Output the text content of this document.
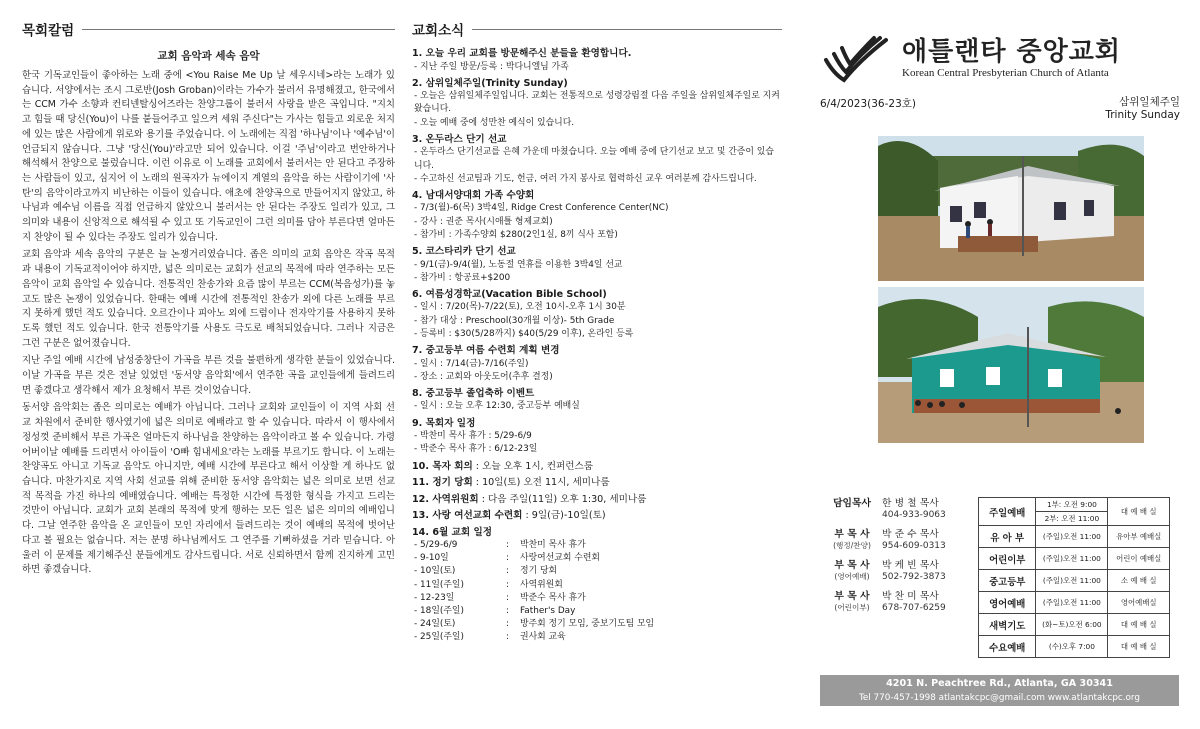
목회칼럼
교회 음악과 세속 음악

한국 기독교인들이 좋아하는 노래 중에 <You Raise Me Up 날 세우시네>라는 노래가 있습니다. 서양에서는 조시 그로반(Josh Groban)이라는 가수가 불러서 유명해졌고, 한국에서는 CCM 가수 소향과 컨티넨탈싱어즈라는 찬양그룹이 불러서 사랑을 받은 곡입니다. "지치고 힘들 때 당신(You)이 나를 붙들어주고 일으켜 세워 주신다"는 가사는 힘들고 외로운 처지에 있는 많은 사람에게 위로와 용기를 주었습니다. 이 노래에는 직접 '하나님'이나 '예수님'이 언급되지 않습니다. 그냥 '당신(You)'라고만 되어 있습니다. 이걸 '주님'이라고 번안하거나 해석해서 찬양으로 불렀습니다. 이런 이유로 이 노래를 교회에서 불러서는 안 된다고 주장하는 사람들이 있고, 심지어 이 노래의 원곡자가 뉴에이지 계열의 음악을 하는 사람이기에 '사탄'의 음악이라고까지 비난하는 이들이 있습니다. 애초에 찬양곡으로 만들어지지 않았고, 하나님과 예수님 이름을 직접 언급하지 않았으니 불러서는 안 된다는 주장도 일리가 있고, 그 의미와 내용이 신앙적으로 해석될 수 있고 또 기독교인이 그런 의미를 담아 부른다면 얼마든지 찬양이 될 수 있다는 주장도 일리가 있습니다.

교회 음악과 세속 음악의 구분은 늘 논쟁거리였습니다. 좁은 의미의 교회 음악은 작곡 목적과 내용이 기독교적이어야 하지만, 넓은 의미로는 교회가 선교의 목적에 따라 연주하는 모든 음악이 교회 음악일 수 있습니다. 전통적인 찬송가와 요즘 많이 부르는 CCM(복음성가)를 놓고도 많은 논쟁이 있었습니다. 한때는 예배 시간에 전통적인 찬송가 외에 다른 노래를 부르지 못하게 했던 적도 있습니다. 오르간이나 피아노 외에 드럼이나 전자악기를 사용하지 못하도록 했던 적도 있습니다. 한국 전통악기를 사용도 극도로 배척되었습니다. 그러나 지금은 그런 구분은 없어졌습니다.

지난 주일 예배 시간에 남성중창단이 가곡을 부른 것을 불편하게 생각한 분들이 있었습니다. 이날 가곡을 부른 것은 전날 있었던 '동서양 음악회'에서 연주한 곡을 교인들에게 들려드리면 좋겠다고 생각해서 제가 요청해서 부른 것이었습니다.

동서양 음악회는 좁은 의미로는 예배가 아닙니다. 그러나 교회와 교인들이 이 지역 사회 선교 차원에서 준비한 행사였기에 넓은 의미로 예배라고 할 수 있습니다. 따라서 이 행사에서 정성껏 준비해서 부른 가곡은 얼마든지 하나님을 찬양하는 음악이라고 볼 수 있습니다. 가령 어버이날 예배를 드리면서 아이들이 'O빠 힘내세요'라는 노래를 부르기도 합니다. 이 노래는 찬양곡도 아니고 기독교 음악도 아니지만, 예배 시간에 부른다고 해서 이상할 게 하나도 없습니다. 마찬가지로 지역 사회 선교를 위해 준비한 동서양 음악회는 넓은 의미로 보면 선교적 목적을 가진 하나의 예배였습니다. 예배는 특정한 시간에 특정한 형식을 가지고 드리는 것만이 아닙니다. 교회가 교회 본래의 목적에 맞게 행하는 모든 일은 넓은 의미의 예배입니다. 그날 연주한 음악을 온 교인들이 모인 자리에서 들려드리는 것이 예배의 목적에 벗어난다고 볼 필요는 없습니다. 저는 분명 하나님께서도 그 연주를 기뻐하셨을 거라 믿습니다. 아울러 이 문제를 제기해주신 분들에게도 감사드립니다. 서로 신뢰하면서 함께 진지하게 고민하면 좋겠습니다.

교회소식
1. 오늘 우리 교회를 방문해주신 분들을 환영합니다.
- 지난 주일 방문/등록 : 박다니엘님 가족
2. 삼위일체주일(Trinity Sunday)
- 오늘은 삼위일체주일입니다. 교회는 전통적으로 성령강림절 다음 주일을 삼위일체주일로 지켜왔습니다.
- 오늘 예배 중에 성만찬 예식이 있습니다.
3. 온두라스 단기 선교
- 온두라스 단기선교를 은혜 가운데 마쳤습니다. 오늘 예배 중에 단기선교 보고 및 간증이 있습니다.
- 수고하신 선교팀과 기도, 헌금, 여러 가지 봉사로 협력하신 교우 여러분께 감사드립니다.
4. 남대서양대회 가족 수양회
- 7/3(월)-6(목) 3박4일, Ridge Crest Conference Center(NC)
- 강사 : 권준 목사(시애틀 형제교회)
- 참가비 : 가족수양회 $280(2인1실, 8끼 식사 포함)
5. 코스타리카 단기 선교
- 9/1(금)-9/4(월), 노동절 연휴를 이용한 3박4일 선교
- 참가비 : 항공료+$200
6. 여름성경학교(Vacation Bible School)
- 일시 : 7/20(목)-7/22(토), 오전 10시-오후 1시 30분
- 참가 대상 : Preschool(30개월 이상)- 5th Grade
- 등록비 : $30(5/28까지) $40(5/29 이후), 온라인 등록
7. 중고등부 여름 수련회 계획 변경
- 일시 : 7/14(금)-7/16(주일)
- 장소 : 교회와 아웃도어(추후 결정)
8. 중고등부 졸업축하 이벤트
- 일시 : 오늘 오후 12:30, 중고등부 예배실
9. 목회자 일정
- 박찬미 목사 휴가 : 5/29-6/9
- 박준수 목사 휴가 : 6/12-23일
10. 목자 회의 : 오늘 오후 1시, 컨퍼런스룸
11. 정기 당회 : 10일(토) 오전 11시, 세미나룸
12. 사역위원회 : 다음 주일(11일) 오후 1:30, 세미나룸
13. 사랑 여선교회 수련회 : 9일(금)-10일(토)
14. 6월 교회 일정
- 5/29-6/9	:	박찬미 목사 휴가
- 9-10일	:	사랑여선교회 수련회
- 10일(토)	:	정기 당회
- 11일(주일)	:	사역위원회
- 12-23일	:	박준수 목사 휴가
- 18일(주일)	:	Father's Day
- 24일(토)	:	방주회 정기 모임, 중보기도팀 모임
- 25일(주일)	:	권사회 교육
애틀랜타 중앙교회
Korean Central Presbyterian Church of Atlanta
6/4/2023(36-23호)	삼위일체주일
Trinity Sunday
담임목사	한 병 철 목사
404-933-9063
부 목 사
(행정/찬양)
박 준 수 목사
954-609-0313
부 목 사
(영어예배)
박 케 빈 목사
502-792-3873
부 목 사
(어린이부)
박 찬 미 목사
678-707-6259
주일예배	1부: 오전 9:00	대 예 배 실
	2부: 오전 11:00	
유 아 부	(주일)오전 11:00	유아부 예배실
어린이부	(주일)오전 11:00	어린이 예배실
중고등부	(주일)오전 11:00	소 예 배 실
영어예배	(주일)오전 11:00	영어예배실
새벽기도	(화~토)오전 6:00	대 예 배 실
수요예배	(수)오후 7:00	대 예 배 실
4201 N. Peachtree Rd., Atlanta, GA 30341
Tel 770-457-1998 atlantakcpc@gmail.com www.atlantakcpc.org
